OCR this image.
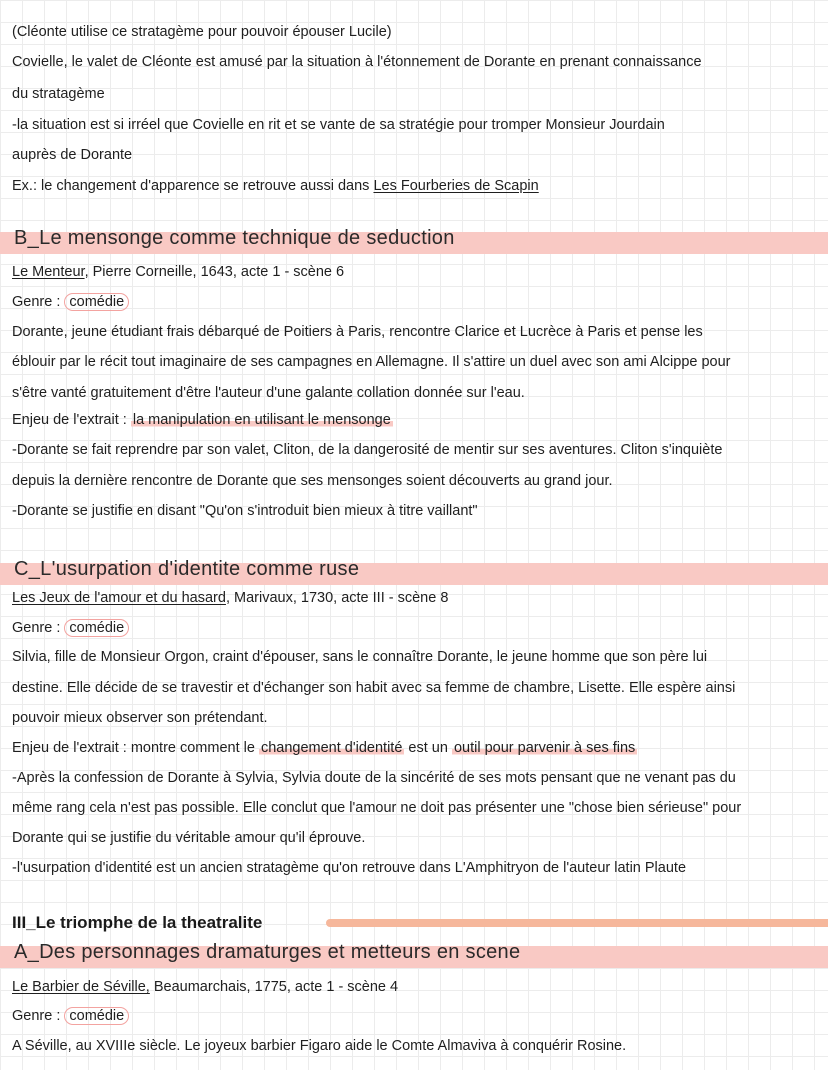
(Cléonte utilise ce stratagème pour pouvoir épouser Lucile)
Covielle, le valet de Cléonte est amusé par la situation à l'étonnement de Dorante en prenant connaissance
du stratagème
-la situation est si irréel que Covielle en rit et se vante de sa stratégie pour tromper Monsieur Jourdain
auprès de Dorante
Ex.: le changement d'apparence se retrouve aussi dans Les Fourberies de Scapin
B_Le mensonge comme technique de seduction
Le Menteur, Pierre Corneille, 1643, acte 1 - scène 6
Genre : comédie
Dorante, jeune étudiant frais débarqué de Poitiers à Paris, rencontre Clarice et Lucrèce à Paris et pense les
éblouir par le récit tout imaginaire de ses campagnes en Allemagne. Il s'attire un duel avec son ami Alcippe pour
s'être vanté gratuitement d'être l'auteur d'une galante collation donnée sur l'eau.
Enjeu de l'extrait : la manipulation en utilisant le mensonge
-Dorante se fait reprendre par son valet, Cliton, de la dangerosité de mentir sur ses aventures. Cliton s'inquiète
depuis la dernière rencontre de Dorante que ses mensonges soient découverts au grand jour.
-Dorante se justifie en disant "Qu'on s'introduit bien mieux à titre vaillant"
C_L'usurpation d'identite comme ruse
Les Jeux de l'amour et du hasard, Marivaux, 1730, acte III - scène 8
Genre : comédie
Silvia, fille de Monsieur Orgon, craint d'épouser, sans le connaître Dorante, le jeune homme que son père lui
destine. Elle décide de se travestir et d'échanger son habit avec sa femme de chambre, Lisette. Elle espère ainsi
pouvoir mieux observer son prétendant.
Enjeu de l'extrait : montre comment le changement d'identité est un outil pour parvenir à ses fins
-Après la confession de Dorante à Sylvia, Sylvia doute de la sincérité de ses mots pensant que ne venant pas du
même rang cela n'est pas possible. Elle conclut que l'amour ne doit pas présenter une "chose bien sérieuse" pour
Dorante qui se justifie du véritable amour qu'il éprouve.
-l'usurpation d'identité est un ancien stratagème qu'on retrouve dans L'Amphitryon de l'auteur latin Plaute
III_Le triomphe de la theatralite
A_Des personnages dramaturges et metteurs en scene
Le Barbier de Séville, Beaumarchais, 1775, acte 1 - scène 4
Genre : comédie
A Séville, au XVIIIe siècle. Le joyeux barbier Figaro aide le Comte Almaviva à conquérir Rosine.
